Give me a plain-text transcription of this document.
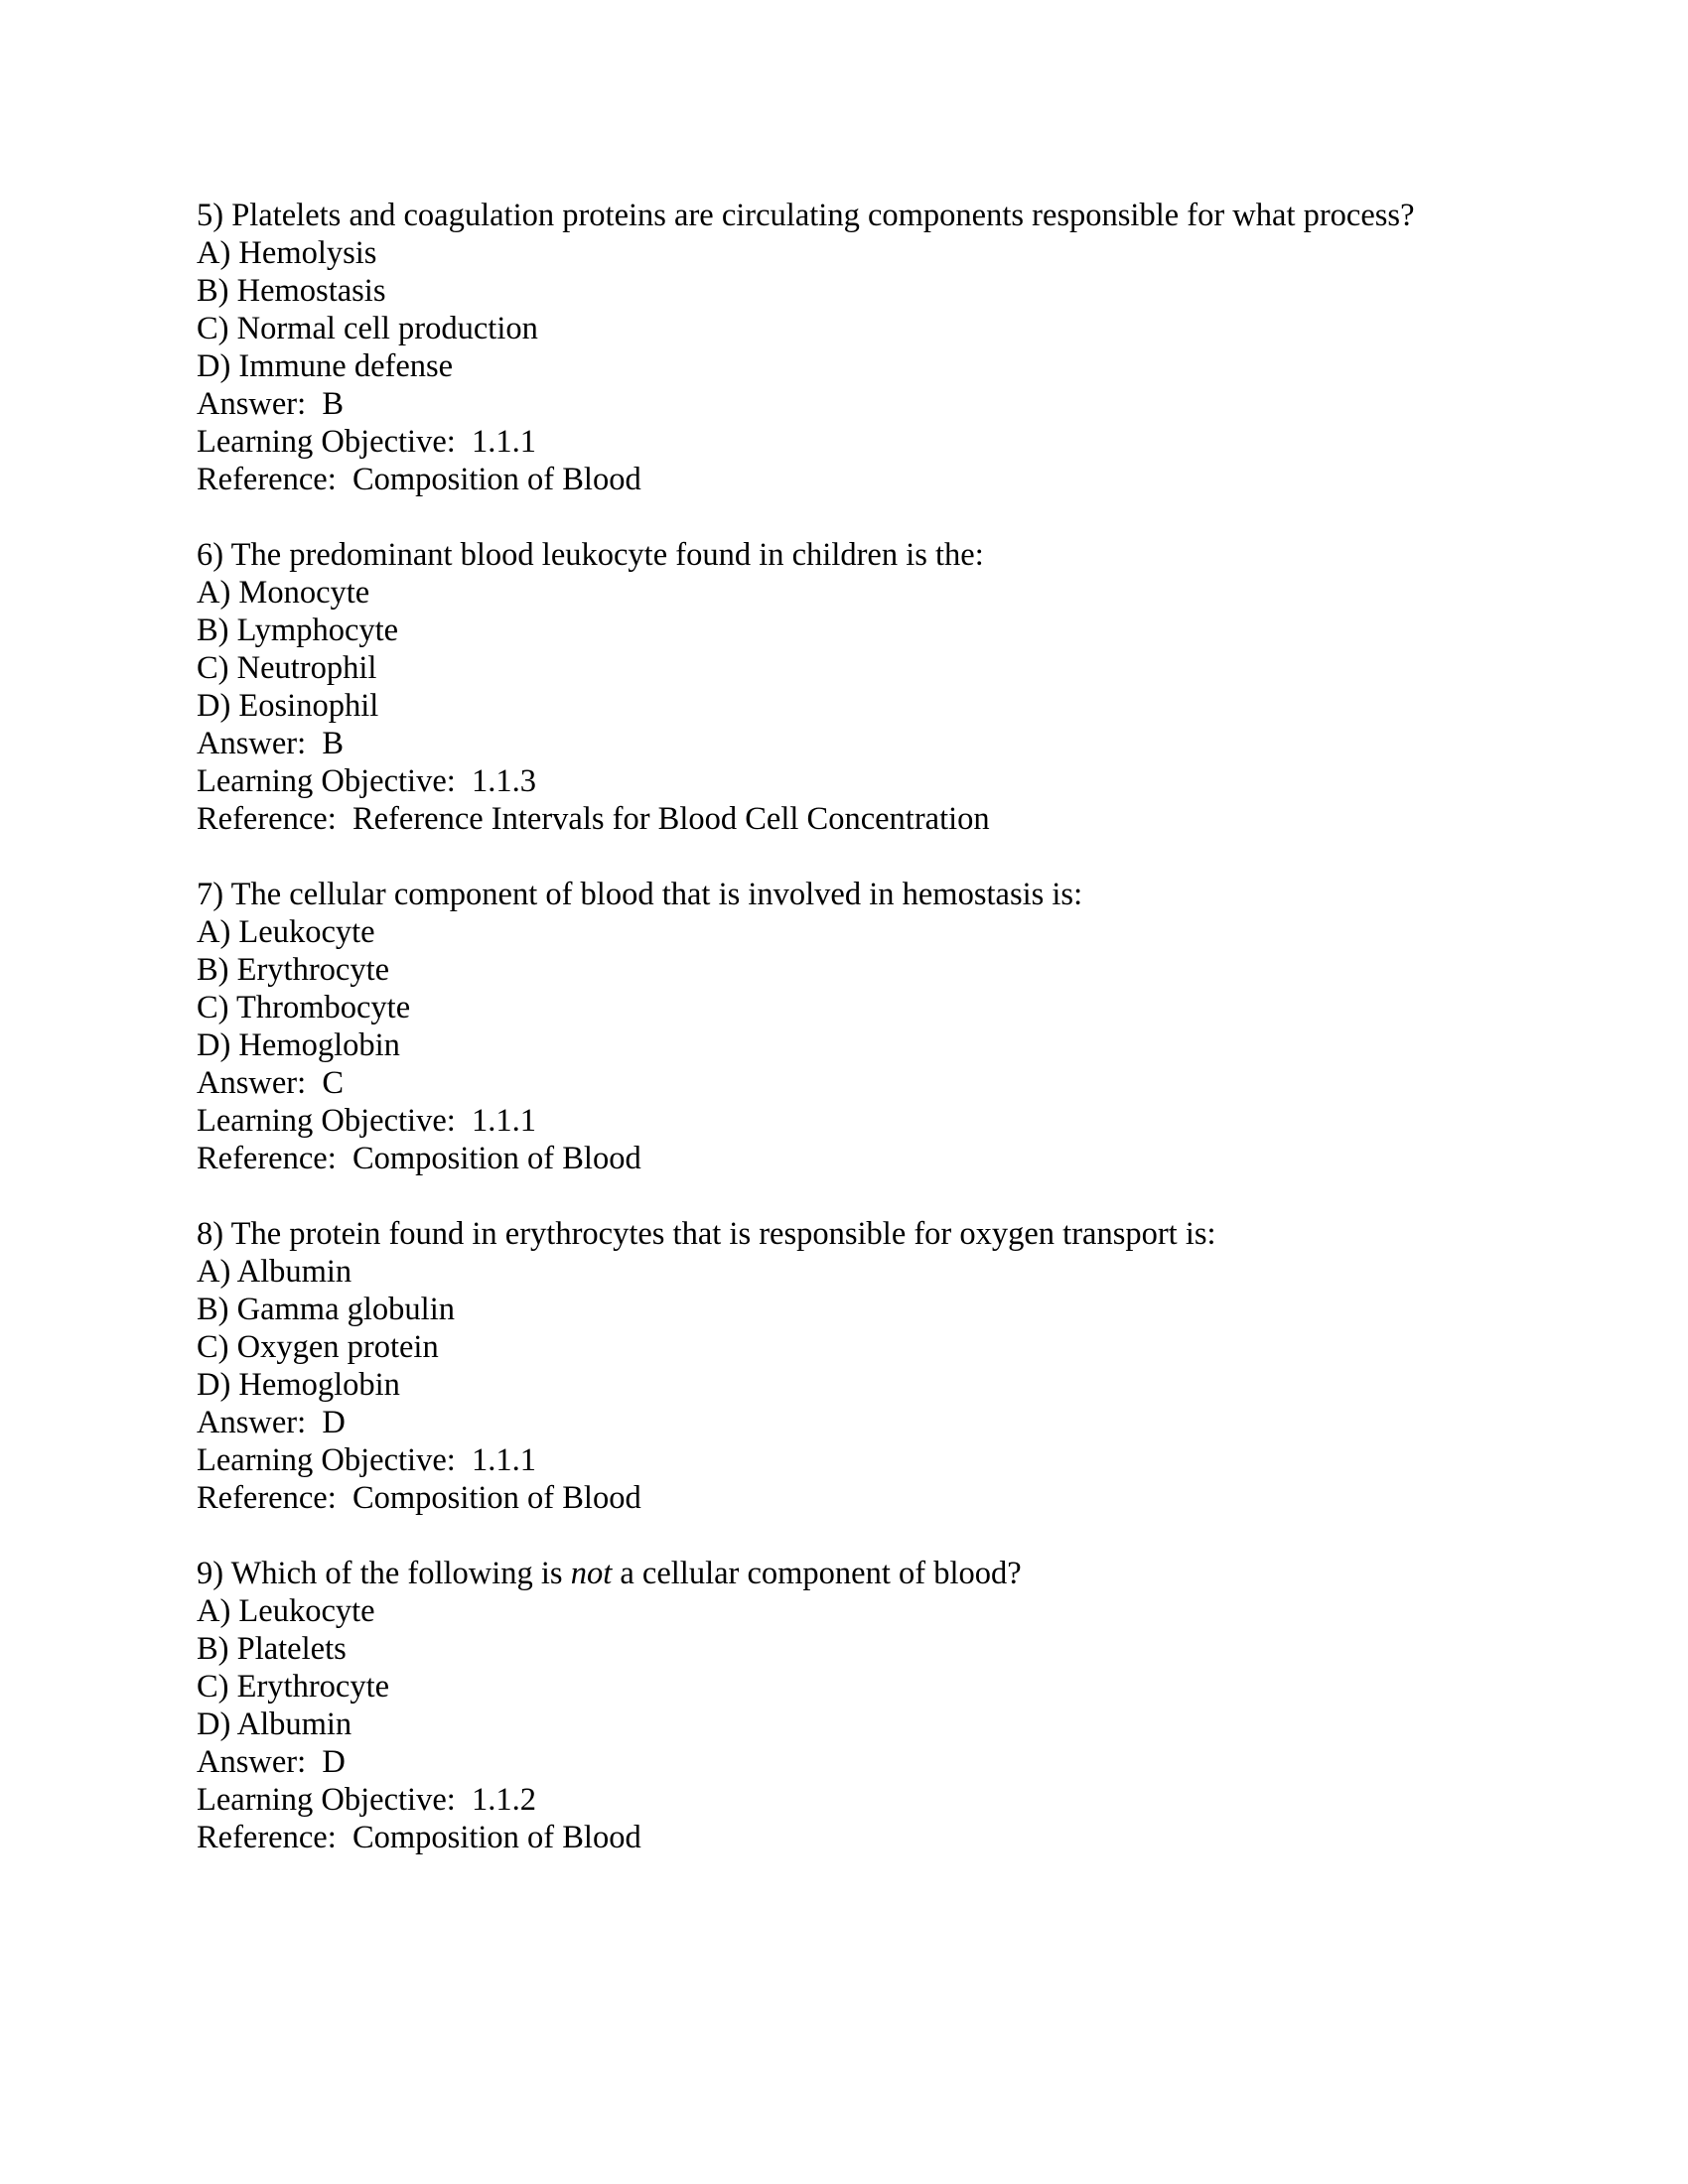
5) Platelets and coagulation proteins are circulating components responsible for what process?
A) Hemolysis
B) Hemostasis
C) Normal cell production
D) Immune defense
Answer:  B
Learning Objective:  1.1.1
Reference:  Composition of Blood
6) The predominant blood leukocyte found in children is the:
A) Monocyte
B) Lymphocyte
C) Neutrophil
D) Eosinophil
Answer:  B
Learning Objective:  1.1.3
Reference:  Reference Intervals for Blood Cell Concentration
7) The cellular component of blood that is involved in hemostasis is:
A) Leukocyte
B) Erythrocyte
C) Thrombocyte
D) Hemoglobin
Answer:  C
Learning Objective:  1.1.1
Reference:  Composition of Blood
8) The protein found in erythrocytes that is responsible for oxygen transport is:
A) Albumin
B) Gamma globulin
C) Oxygen protein
D) Hemoglobin
Answer:  D
Learning Objective:  1.1.1
Reference:  Composition of Blood
9) Which of the following is not a cellular component of blood?
A) Leukocyte
B) Platelets
C) Erythrocyte
D) Albumin
Answer:  D
Learning Objective:  1.1.2
Reference:  Composition of Blood
